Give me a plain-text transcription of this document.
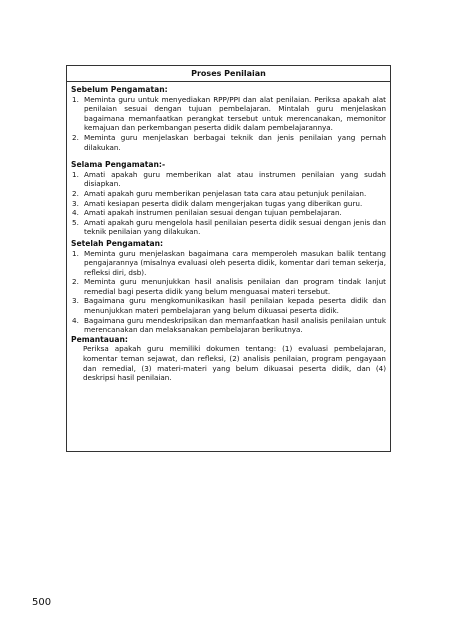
Proses Penilaian

Sebelum Pengamatan:

1. Meminta guru untuk menyediakan RPP/PPI dan alat penilaian. Periksa apakah alat penilaian sesuai dengan tujuan pembelajaran. Mintalah guru menjelaskan bagaimana memanfaatkan perangkat tersebut untuk merencanakan, memonitor kemajuan dan perkembangan peserta didik dalam pembelajarannya.
2. Meminta guru menjelaskan berbagai teknik dan jenis penilaian yang pernah dilakukan.

Selama Pengamatan:-

1. Amati apakah guru memberikan alat atau instrumen penilaian yang sudah disiapkan.
2. Amati apakah guru memberikan penjelasan tata cara atau petunjuk penilaian.
3. Amati kesiapan peserta didik dalam mengerjakan tugas yang diberikan guru.
4. Amati apakah instrumen penilaian sesuai dengan tujuan pembelajaran.
5. Amati apakah guru mengelola hasil penilaian peserta didik sesuai dengan jenis dan teknik penilaian yang dilakukan.

Setelah Pengamatan:

1. Meminta guru menjelaskan bagaimana cara memperoleh masukan balik tentang pengajarannya (misalnya evaluasi oleh peserta didik, komentar dari teman sekerja, refleksi diri, dsb).
2. Meminta guru menunjukkan hasil analisis penilaian dan program tindak lanjut remedial bagi peserta didik yang belum menguasai materi tersebut.
3. Bagaimana guru mengkomunikasikan hasil penilaian kepada peserta didik dan menunjukkan materi pembelajaran yang belum dikuasai peserta didik.
4. Bagaimana guru mendeskripsikan dan memanfaatkan hasil analisis penilaian untuk merencanakan dan melaksanakan pembelajaran berikutnya.

Pemantauan:

Periksa apakah guru memiliki dokumen tentang: (1) evaluasi pembelajaran, komentar teman sejawat, dan refleksi, (2) analisis penilaian, program pengayaan dan remedial, (3) materi-materi yang belum dikuasai peserta didik, dan (4) deskripsi hasil penilaian.
500
